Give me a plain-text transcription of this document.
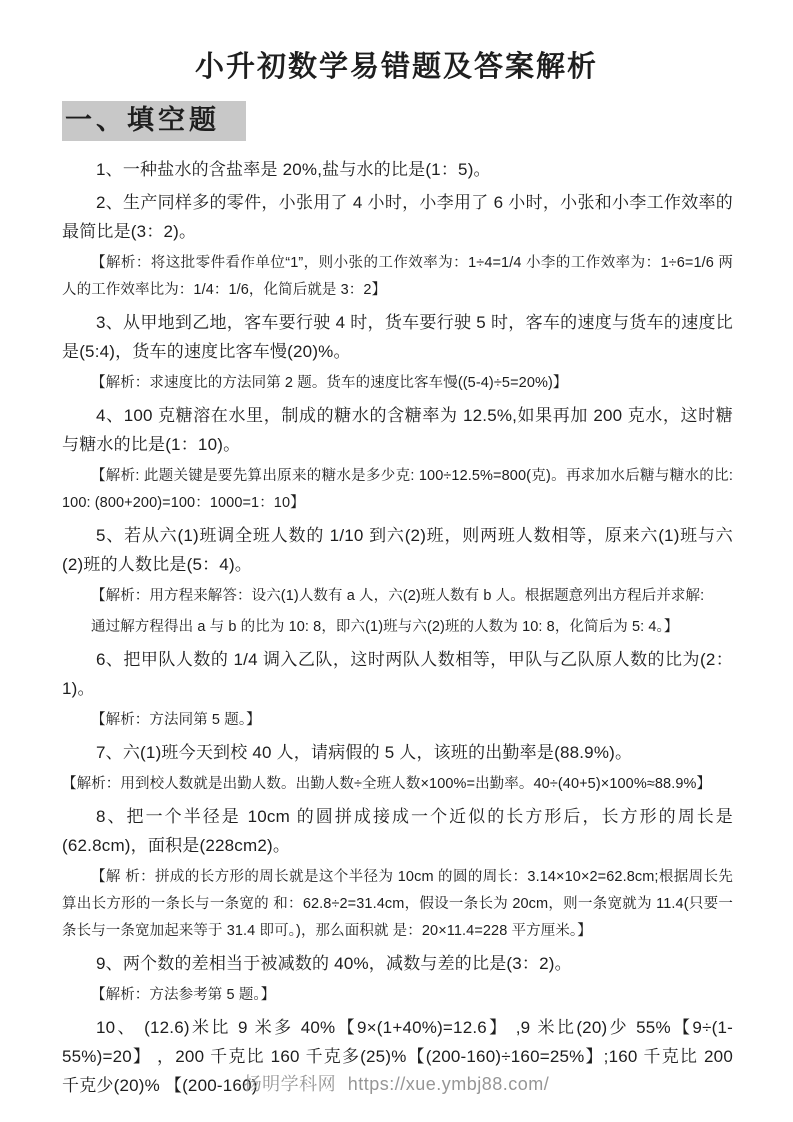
小升初数学易错题及答案解析
一、填空题

1、一种盐水的含盐率是 20%,盐与水的比是(1：5)。

2、生产同样多的零件，小张用了 4 小时，小李用了 6 小时，小张和小李工作效率的最简比是(3：2)。

【解析：将这批零件看作单位“1”，则小张的工作效率为：1÷4=1/4 小李的工作效率为：1÷6=1/6 两人的工作效率比为：1/4：1/6，化简后就是 3：2】

3、从甲地到乙地，客车要行驶 4 时，货车要行驶 5 时，客车的速度与货车的速度比是(5:4)，货车的速度比客车慢(20)%。

【解析：求速度比的方法同第 2 题。货车的速度比客车慢((5-4)÷5=20%)】

4、100 克糖溶在水里，制成的糖水的含糖率为 12.5%,如果再加 200 克水，这时糖与糖水的比是(1：10)。

【解析: 此题关键是要先算出原来的糖水是多少克: 100÷12.5%=800(克)。再求加水后糖与糖水的比: 100: (800+200)=100：1000=1：10】

5、若从六(1)班调全班人数的 1/10 到六(2)班，则两班人数相等，原来六(1)班与六(2)班的人数比是(5：4)。

【解析：用方程来解答：设六(1)人数有 a 人，六(2)班人数有 b 人。根据题意列出方程后并求解:

通过解方程得出 a 与 b 的比为 10: 8，即六(1)班与六(2)班的人数为 10: 8，化简后为 5: 4。】

6、把甲队人数的 1/4 调入乙队，这时两队人数相等，甲队与乙队原人数的比为(2：1)。

【解析：方法同第 5 题。】

7、六(1)班今天到校 40 人，请病假的 5 人，该班的出勤率是(88.9%)。

【解析：用到校人数就是出勤人数。出勤人数÷全班人数×100%=出勤率。40÷(40+5)×100%≈88.9%】

8、把一个半径是 10cm 的圆拼成接成一个近似的长方形后，长方形的周长是(62.8cm)，面积是(228cm2)。

【解 析：拼成的长方形的周长就是这个半径为 10cm 的圆的周长：3.14×10×2=62.8cm;根据周长先算出长方形的一条长与一条宽的 和：62.8÷2=31.4cm，假设一条长为 20cm，则一条宽就为 11.4(只要一条长与一条宽加起来等于 31.4 即可。)，那么面积就 是：20×11.4=228 平方厘米。】

9、两个数的差相当于被减数的 40%，减数与差的比是(3：2)。

【解析：方法参考第 5 题。】

10、 (12.6)米比 9 米多 40%【9×(1+40%)=12.6】 ,9 米比(20)少 55%【9÷(1-55%)=20】 ，200 千克比 160 千克多(25)%【(200-160)÷160=25%】;160 千克比 200 千克少(20)% 【(200-160)

扬明学科网 https://xue.ymbj88.com/
